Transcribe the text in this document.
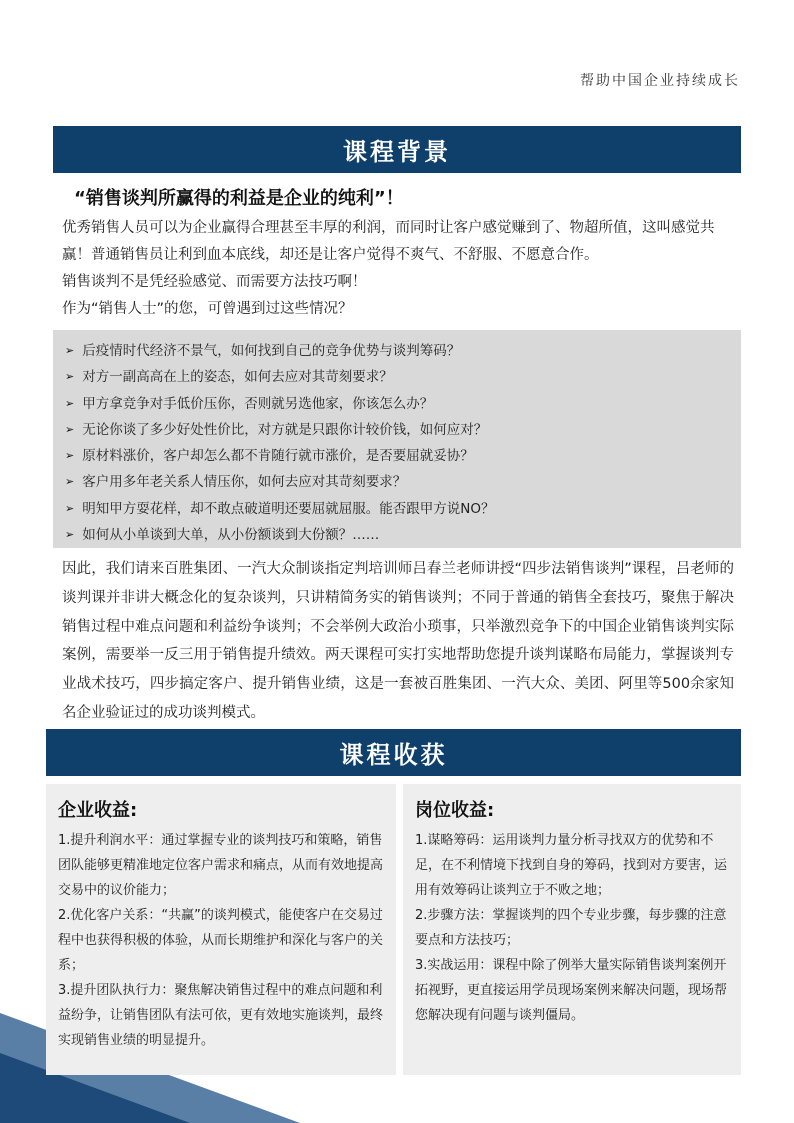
帮助中国企业持续成长
课程背景
“销售谈判所赢得的利益是企业的纯利”！

优秀销售人员可以为企业赢得合理甚至丰厚的利润，而同时让客户感觉赚到了、物超所值，这叫感觉共赢！普通销售员让利到血本底线，却还是让客户觉得不爽气、不舒服、不愿意合作。

销售谈判不是凭经验感觉、而需要方法技巧啊！

作为“销售人士”的您，可曾遇到过这些情况？

➢ 后疫情时代经济不景气，如何找到自己的竞争优势与谈判筹码？
➢ 对方一副高高在上的姿态，如何去应对其苛刻要求？
➢ 甲方拿竞争对手低价压你，否则就另选他家，你该怎么办？
➢ 无论你谈了多少好处性价比，对方就是只跟你计较价钱，如何应对？
➢ 原材料涨价，客户却怎么都不肯随行就市涨价，是否要屈就妥协？
➢ 客户用多年老关系人情压你，如何去应对其苛刻要求？
➢ 明知甲方耍花样，却不敢点破道明还要屈就屈服。能否跟甲方说NO？
➢ 如何从小单谈到大单，从小份额谈到大份额？……
因此，我们请来百胜集团、一汽大众制谈指定判培训师吕春兰老师讲授“四步法销售谈判”课程，吕老师的谈判课并非讲大概念化的复杂谈判，只讲精简务实的销售谈判；不同于普通的销售全套技巧，聚焦于解决销售过程中难点问题和利益纷争谈判；不会举例大政治小琐事，只举激烈竞争下的中国企业销售谈判实际案例，需要举一反三用于销售提升绩效。两天课程可实打实地帮助您提升谈判谋略布局能力，掌握谈判专业战术技巧，四步搞定客户、提升销售业绩，这是一套被百胜集团、一汽大众、美团、阿里等500余家知名企业验证过的成功谈判模式。
课程收获
企业收益:

1.提升利润水平：通过掌握专业的谈判技巧和策略，销售团队能够更精准地定位客户需求和痛点，从而有效地提高交易中的议价能力；

2.优化客户关系：“共赢”的谈判模式，能使客户在交易过程中也获得积极的体验，从而长期维护和深化与客户的关系；

3.提升团队执行力：聚焦解决销售过程中的难点问题和利益纷争，让销售团队有法可依，更有效地实施谈判，最终实现销售业绩的明显提升。

岗位收益:

1.谋略筹码：运用谈判力量分析寻找双方的优势和不足，在不利情境下找到自身的筹码，找到对方要害，运用有效筹码让谈判立于不败之地；

2.步骤方法：掌握谈判的四个专业步骤，每步骤的注意要点和方法技巧；

3.实战运用：课程中除了例举大量实际销售谈判案例开拓视野，更直接运用学员现场案例来解决问题，现场帮您解决现有问题与谈判僵局。
